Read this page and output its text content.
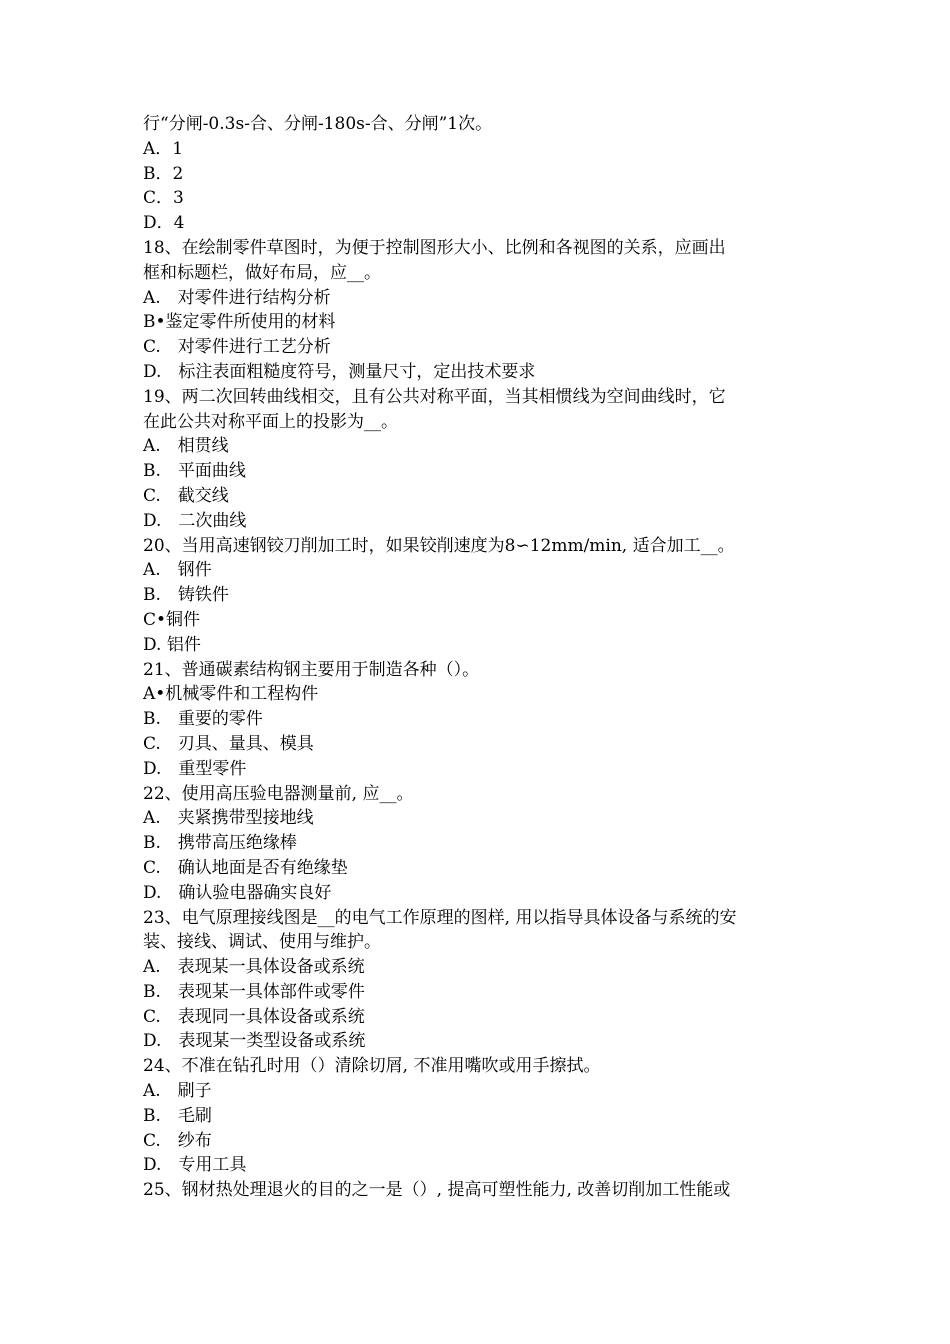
行“分闸-0.3s-合、分闸-180s-合、分闸”1次。
A．1
B．2
C．3
D．4
18、在绘制零件草图时，为便于控制图形大小、比例和各视图的关系，应画出
框和标题栏，做好布局，应__。
A.　对零件进行结构分析
B•鉴定零件所使用的材料
C.　对零件进行工艺分析
D.　标注表面粗糙度符号，测量尺寸，定出技术要求
19、两二次回转曲线相交，且有公共对称平面，当其相惯线为空间曲线时，它
在此公共对称平面上的投影为__。
A.　相贯线
B.　平面曲线
C.　截交线
D.　二次曲线
20、当用高速钢铰刀削加工时，如果铰削速度为8∽12mm/min, 适合加工__。
A.　钢件
B.　铸铁件
C•铜件
D. 铝件
21、普通碳素结构钢主要用于制造各种（）。
A•机械零件和工程构件
B.　重要的零件
C.　刃具、量具、模具
D.　重型零件
22、使用高压验电器测量前, 应__。
A.　夹紧携带型接地线
B.　携带高压绝缘棒
C.　确认地面是否有绝缘垫
D.　确认验电器确实良好
23、电气原理接线图是__的电气工作原理的图样, 用以指导具体设备与系统的安
装、接线、调试、使用与维护。
A.　表现某一具体设备或系统
B.　表现某一具体部件或零件
C.　表现同一具体设备或系统
D.　表现某一类型设备或系统
24、不准在钻孔时用（）清除切屑, 不准用嘴吹或用手擦拭。
A.　刷子
B.　毛刷
C.　纱布
D.　专用工具
25、钢材热处理退火的目的之一是（）, 提高可塑性能力, 改善切削加工性能或
